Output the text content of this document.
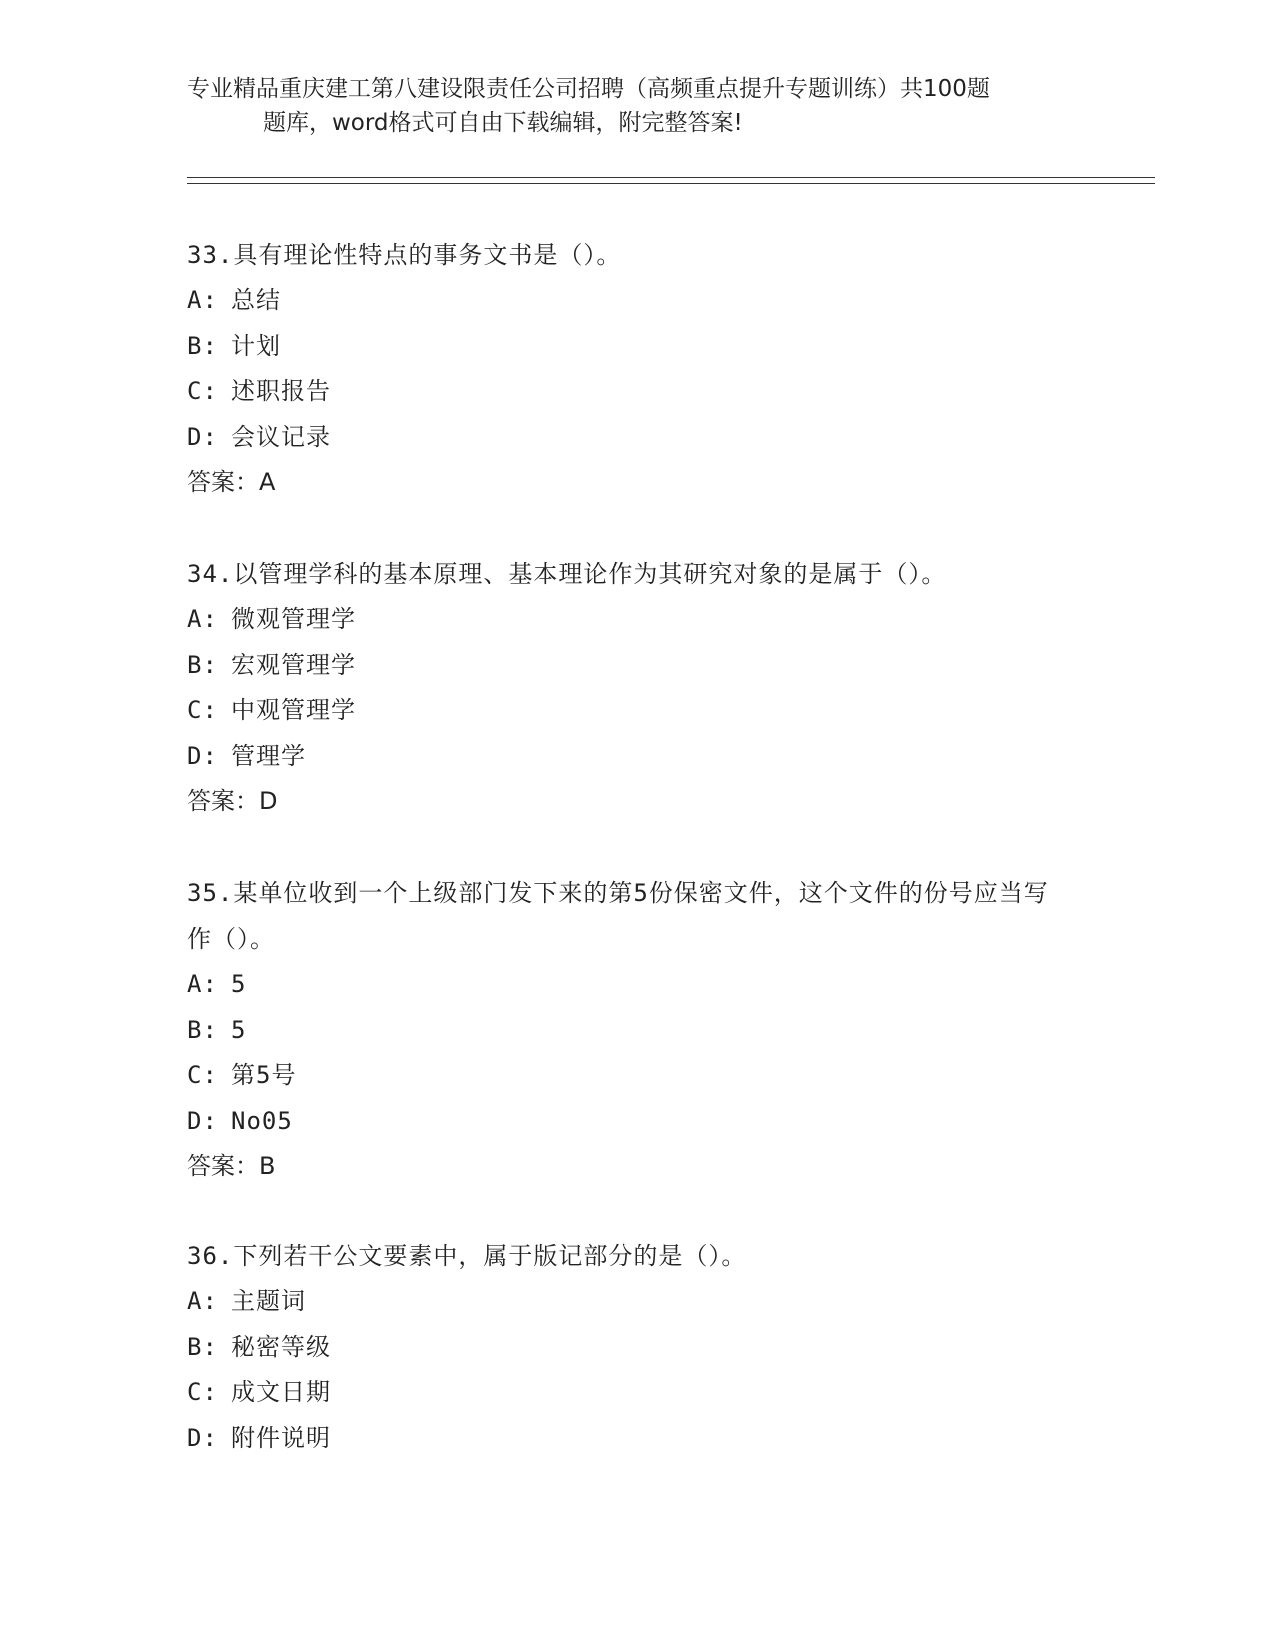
专业精品重庆建工第八建设限责任公司招聘（高频重点提升专题训练）共100题
题库，word格式可自由下载编辑，附完整答案!
33.具有理论性特点的事务文书是（）。
A: 总结
B: 计划
C: 述职报告
D: 会议记录
答案：A
34.以管理学科的基本原理、基本理论作为其研究对象的是属于（）。
A: 微观管理学
B: 宏观管理学
C: 中观管理学
D: 管理学
答案：D
35.某单位收到一个上级部门发下来的第5份保密文件，这个文件的份号应当写作（）。
A: 5
B: 5
C: 第5号
D: No05
答案：B
36.下列若干公文要素中，属于版记部分的是（）。
A: 主题词
B: 秘密等级
C: 成文日期
D: 附件说明
